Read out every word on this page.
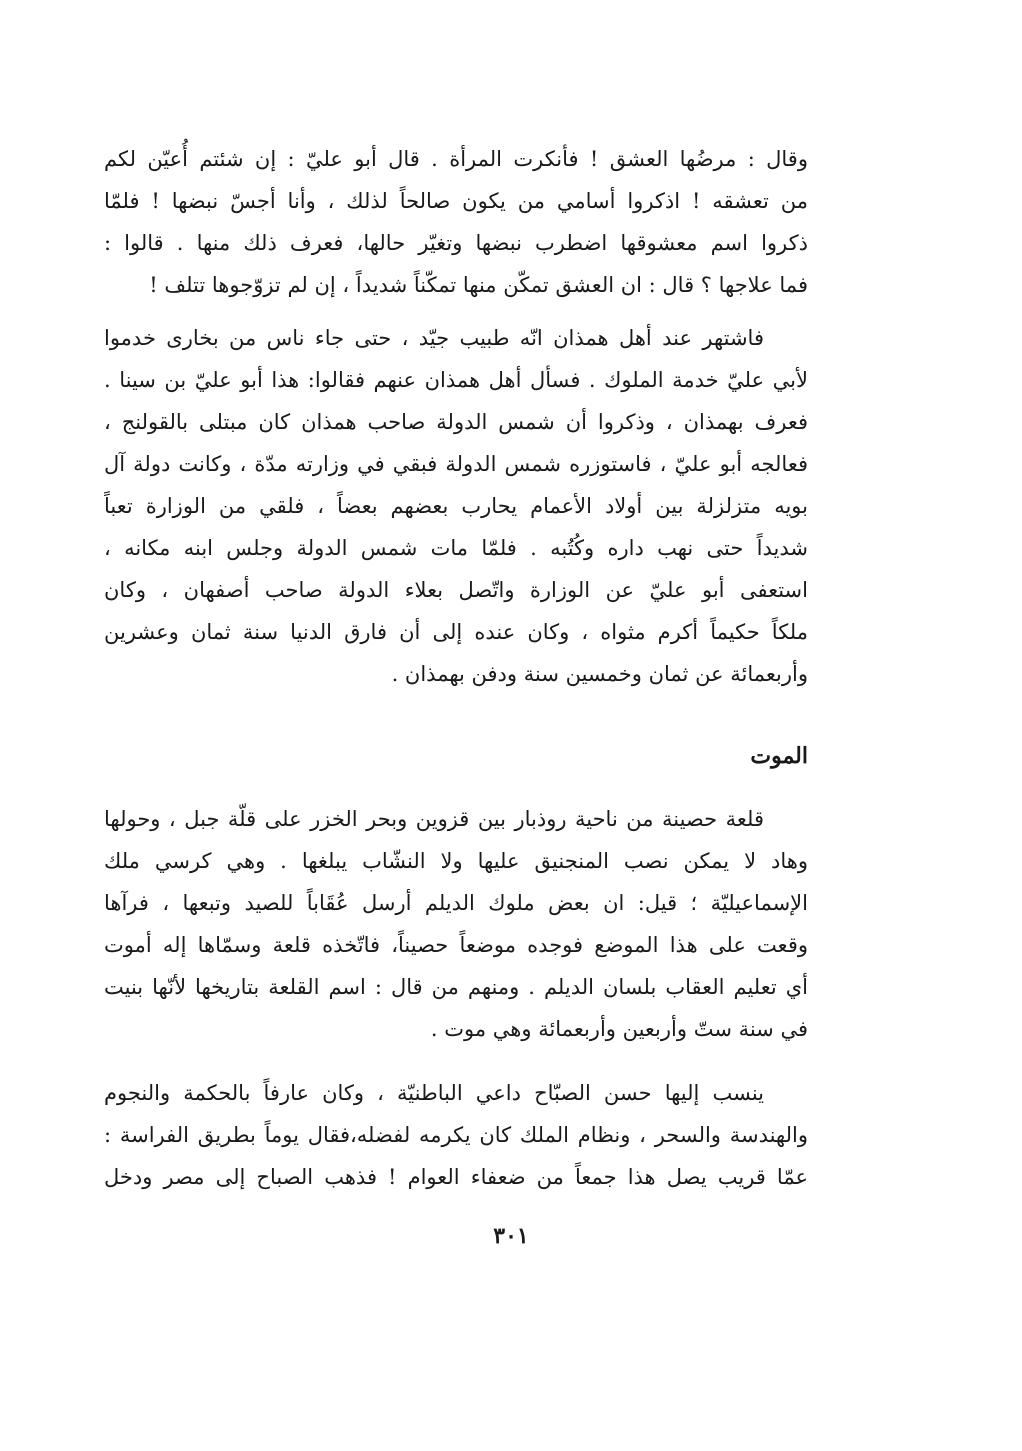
وقال : مرضُها العشق ! فأنكرت المرأة . قال أبو عليّ : إن شئتم أُعيّن لكم
من تعشقه ! اذكروا أسامي من يكون صالحاً لذلك ، وأنا أجسّ نبضها ! فلمّا
ذكروا اسم معشوقها اضطرب نبضها وتغيّر حالها، فعرف ذلك منها . قالوا :
فما علاجها ؟ قال : ان العشق تمكّن منها تمكّناً شديداً ، إن لم تزوّجوها تتلف !
فاشتهر عند أهل همذان انّه طبيب جيّد ، حتى جاء ناس من بخارى خدموا
لأبي عليّ خدمة الملوك . فسأل أهل همذان عنهم فقالوا: هذا أبو عليّ بن سينا .
فعرف بهمذان ، وذكروا أن شمس الدولة صاحب همذان كان مبتلى بالقولنج ،
فعالجه أبو عليّ ، فاستوزره شمس الدولة فبقي في وزارته مدّة ، وكانت دولة آل
بويه متزلزلة بين أولاد الأعمام يحارب بعضهم بعضاً ، فلقي من الوزارة تعباً
شديداً حتى نهب داره وكُتُبه . فلمّا مات شمس الدولة وجلس ابنه مكانه ،
استعفى أبو عليّ عن الوزارة واتّصل بعلاء الدولة صاحب أصفهان ، وكان
ملكاً حكيماً أكرم مثواه ، وكان عنده إلى أن فارق الدنيا سنة ثمان وعشرين
وأربعمائة عن ثمان وخمسين سنة ودفن بهمذان .
الموت
قلعة حصينة من ناحية روذبار بين قزوين وبحر الخزر على قلّة جبل ، وحولها
وهاد لا يمكن نصب المنجنيق عليها ولا النشّاب يبلغها . وهي كرسي ملك
الإسماعيليّة ؛ قيل: ان بعض ملوك الديلم أرسل عُقَاباً للصيد وتبعها ، فرآها
وقعت على هذا الموضع فوجده موضعاً حصيناً، فاتّخذه قلعة وسمّاها إله أموت
أي تعليم العقاب بلسان الديلم . ومنهم من قال : اسم القلعة بتاريخها لأنّها بنيت
في سنة ستّ وأربعين وأربعمائة وهي موت .
ينسب إليها حسن الصبّاح داعي الباطنيّة ، وكان عارفاً بالحكمة والنجوم
والهندسة والسحر ، ونظام الملك كان يكرمه لفضله،فقال يوماً بطريق الفراسة :
عمّا قريب يصل هذا جمعاً من ضعفاء العوام ! فذهب الصباح إلى مصر ودخل
٣٠١
